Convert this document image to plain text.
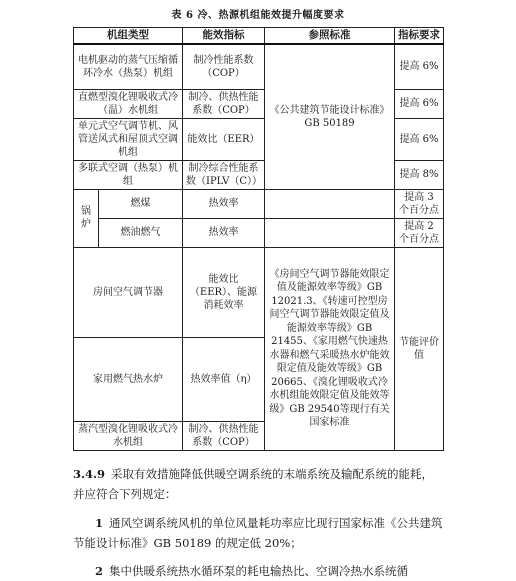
表 6 冷、热源机组能效提升幅度要求
机组类型		能效指标	参照标准	指标要求
电机驱动的蒸气压缩循环冷水（热泵）机组		制冷性能系数（COP）	《公共建筑节能设计标准》GB 50189	提高 6%
直燃型溴化锂吸收式冷（温）水机组		制冷、供热性能系数（COP）		提高 6%
单元式空气调节机、风管送风式和屋顶式空调机组		能效比（EER）		提高 6%
多联式空调（热泵）机组		制冷综合性能系数（IPLV（C））		提高 8%
锅炉	燃煤	热效率		提高 3 个百分点
	燃油燃气	热效率		提高 2 个百分点
房间空气调节器		能效比（EER）、能源消耗效率	《房间空气调节器能效限定值及能源效率等级》GB 12021.3、《转速可控型房间空气调节器能效限定值及能源效率等级》GB 21455、《家用燃气快速热水器和燃气采暖热水炉能效限定值及能效等级》GB 20665、《溴化锂吸收式冷水机组能效限定值及能效等级》GB 29540等现行有关国家标准	节能评价值
家用燃气热水炉		热效率值（η）		
蒸汽型溴化锂吸收式冷水机组		制冷、供热性能系数（COP）		
3.4.9 采取有效措施降低供暖空调系统的末端系统及输配系统的能耗，并应符合下列规定：
1 通风空调系统风机的单位风量耗功率应比现行国家标准《公共建筑节能设计标准》GB 50189 的规定低 20%；
2 集中供暖系统热水循环泵的耗电输热比、空调冷热水系统循
